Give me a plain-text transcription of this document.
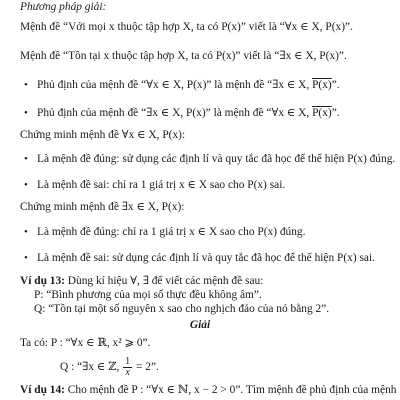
Phương pháp giải:
Mệnh đề “Với mọi x thuộc tập hợp X, ta có P(x)” viết là “∀x ∈ X, P(x)”.
Mệnh đề “Tồn tại x thuộc tập hợp X, ta có P(x)” viết là “∃x ∈ X, P(x)”.
• Phủ định của mệnh đề “∀x ∈ X, P(x)” là mệnh đề “∃x ∈ X, P(x)”.
• Phủ định của mệnh đề “∃x ∈ X, P(x)” là mệnh đề “∀x ∈ X, P(x)”.
Chứng minh mệnh đề ∀x ∈ X, P(x):
• Là mệnh đề đúng: sử dụng các định lí và quy tắc đã học để thể hiện P(x) đúng.
• Là mệnh đề sai: chỉ ra 1 giá trị x ∈ X sao cho P(x) sai.
Chứng minh mệnh đề ∃x ∈ X, P(x):
• Là mệnh đề đúng: chỉ ra 1 giá trị x ∈ X sao cho P(x) đúng.
• Là mệnh đề sai: sử dụng các định lí và quy tắc đã học để thể hiện P(x) sai.
Ví dụ 13: Dùng kí hiệu ∀, ∃ để viết các mệnh đề sau:
P: “Bình phương của mọi số thực đều không âm”.
Q: “Tồn tại một số nguyên x sao cho nghịch đảo của nó bằng 2”.
Giải
Ta có: P : “∀x ∈ ℝ, x² ⩾ 0”.
Q : “∃x ∈ ℤ, $\frac{1}{x} = 2$”.
Ví dụ 14: Cho mệnh đề P : “∀x ∈ ℕ, x − 2 > 0”. Tìm mệnh đề phủ định của mệnh
